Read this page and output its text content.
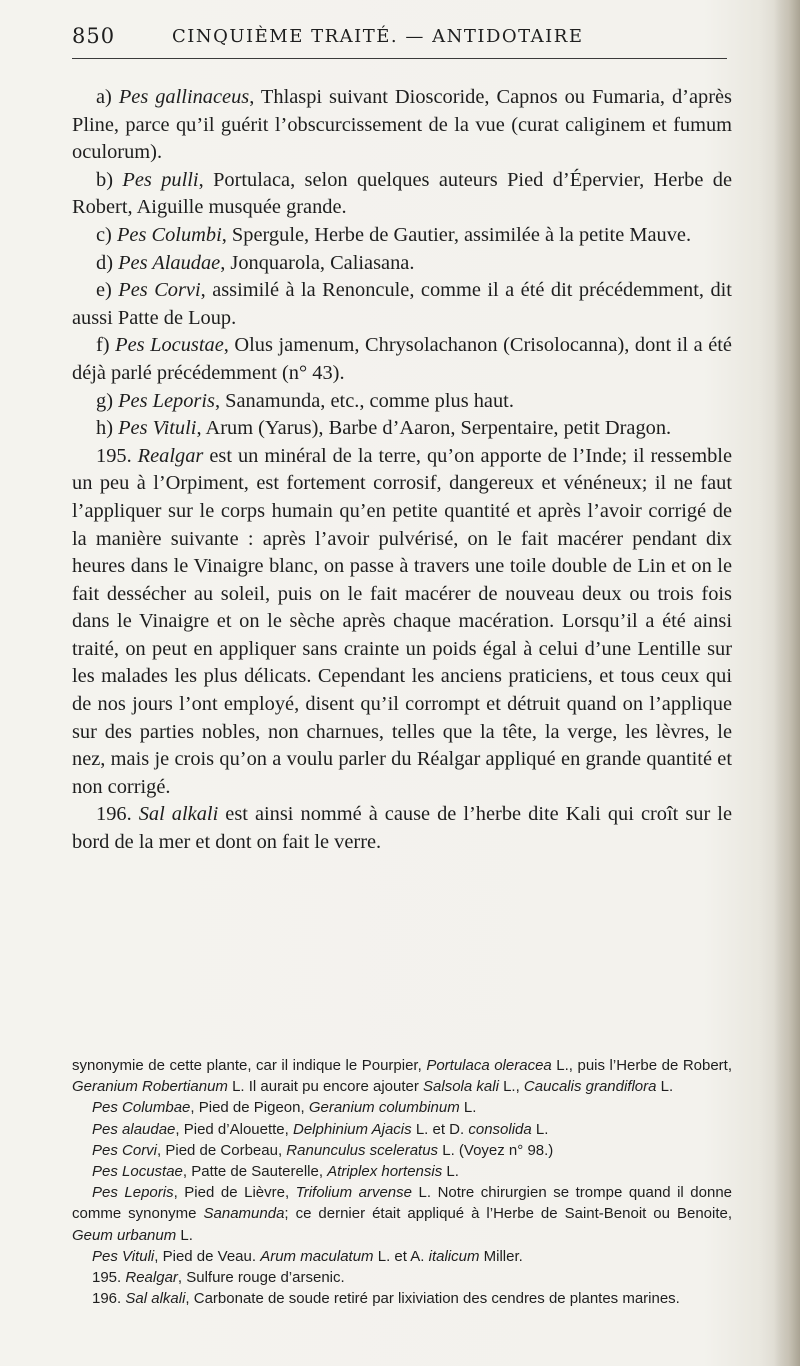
850	CINQUIÈME TRAITÉ. — ANTIDOTAIRE

a) Pes gallinaceus, Thlaspi suivant Dioscoride, Capnos ou Fumaria, d’après Pline, parce qu’il guérit l’obscurcissement de la vue (curat caliginem et fumum oculorum).

b) Pes pulli, Portulaca, selon quelques auteurs Pied d’Épervier, Herbe de Robert, Aiguille musquée grande.

c) Pes Columbi, Spergule, Herbe de Gautier, assimilée à la petite Mauve.

d) Pes Alaudae, Jonquarola, Caliasana.

e) Pes Corvi, assimilé à la Renoncule, comme il a été dit précédemment, dit aussi Patte de Loup.

f) Pes Locustae, Olus jamenum, Chrysolachanon (Crisolocanna), dont il a été déjà parlé précédemment (n° 43).

g) Pes Leporis, Sanamunda, etc., comme plus haut.

h) Pes Vituli, Arum (Yarus), Barbe d’Aaron, Serpentaire, petit Dragon.

195. Realgar est un minéral de la terre, qu’on apporte de l’Inde; il ressemble un peu à l’Orpiment, est fortement corrosif, dangereux et vénéneux; il ne faut l’appliquer sur le corps humain qu’en petite quantité et après l’avoir corrigé de la manière suivante : après l’avoir pulvérisé, on le fait macérer pendant dix heures dans le Vinaigre blanc, on passe à travers une toile double de Lin et on le fait dessécher au soleil, puis on le fait macérer de nouveau deux ou trois fois dans le Vinaigre et on le sèche après chaque macération. Lorsqu’il a été ainsi traité, on peut en appliquer sans crainte un poids égal à celui d’une Lentille sur les malades les plus délicats. Cependant les anciens praticiens, et tous ceux qui de nos jours l’ont employé, disent qu’il corrompt et détruit quand on l’applique sur des parties nobles, non charnues, telles que la tête, la verge, les lèvres, le nez, mais je crois qu’on a voulu parler du Réalgar appliqué en grande quantité et non corrigé.

196. Sal alkali est ainsi nommé à cause de l’herbe dite Kali qui croît sur le bord de la mer et dont on fait le verre.

synonymie de cette plante, car il indique le Pourpier, Portulaca oleracea L., puis l’Herbe de Robert, Geranium Robertianum L. Il aurait pu encore ajouter Salsola kali L., Caucalis grandiflora L.

Pes Columbae, Pied de Pigeon, Geranium columbinum L.

Pes alaudae, Pied d’Alouette, Delphinium Ajacis L. et D. consolida L.

Pes Corvi, Pied de Corbeau, Ranunculus sceleratus L. (Voyez n° 98.)

Pes Locustae, Patte de Sauterelle, Atriplex hortensis L.

Pes Leporis, Pied de Lièvre, Trifolium arvense L. Notre chirurgien se trompe quand il donne comme synonyme Sanamunda; ce dernier était appliqué à l’Herbe de Saint-Benoit ou Benoite, Geum urbanum L.

Pes Vituli, Pied de Veau. Arum maculatum L. et A. italicum Miller.

195. Realgar, Sulfure rouge d’arsenic.

196. Sal alkali, Carbonate de soude retiré par lixiviation des cendres de plantes marines.
